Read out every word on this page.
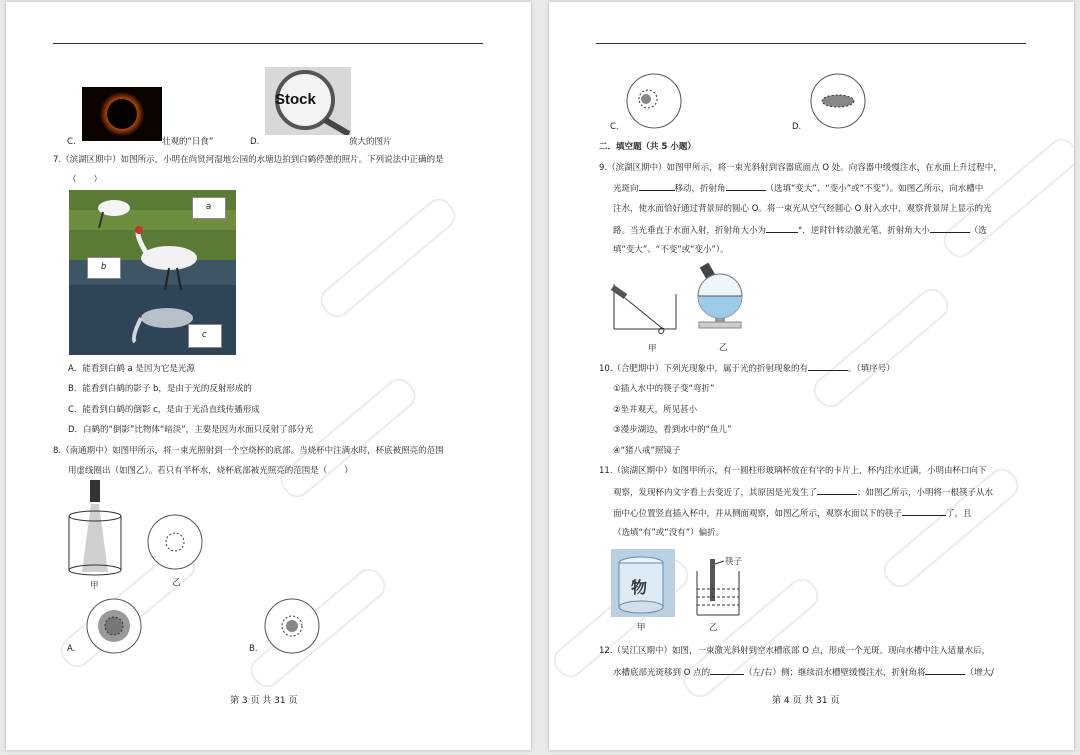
C.	壮观的“日食”
Stock
D.	放大的图片
7.（滨湖区期中）如图所示，小明在尚贤河湿地公园的水塘边拍到白鹤停憩的照片。下列说法中正确的是
（　　）
a
b
c
A．能看到白鹤 a 是因为它是光源
B．能看到白鹤的影子 b，是由于光的反射形成的
C．能看到白鹤的倒影 c，是由于光沿直线传播形成
D．白鹤的“倒影”比物体“暗淡”，主要是因为水面只反射了部分光
8.（南通期中）如图甲所示，将一束光照射到一个空烧杯的底部。当烧杯中注满水时，杯底被照亮的范围
用虚线圈出（如图乙）。若只有半杯水，烧杯底部被光照亮的范围是（　　）
甲	乙
A.	B.
第 3 页 共 31 页
C.	D.
二．填空题（共 5 小题）
9.（滨湖区期中）如图甲所示，将一束光斜射到容器底面点 O 处。向容器中缓慢注水，在水面上升过程中，
光斑向	移动，折射角	（选填“变大”、“变小”或“不变”）。如图乙所示，向水槽中
注水，使水面恰好通过背景屏的圆心 O。将一束光从空气经圆心 O 射入水中，观察背景屏上显示的光
路。当光垂直于水面入射，折射角大小为	°．逆时针转动激光笔，折射角大小	（选
填“变大”、“不变”或“变小”）。
O
甲	乙
10.（合肥期中）下列光现象中，属于光的折射现象的有	。（填序号）
①插入水中的筷子变“弯折”
②坐井观天，所见甚小
③漫步湖边，看到水中的“鱼儿”
④“猪八戒”照镜子
11.（滨湖区期中）如图甲所示，有一圆柱形玻璃杯放在有字的卡片上，杯内注水近满，小明由杯口向下
观察，发现杯内文字看上去变近了，其原因是光发生了	；如图乙所示，小明将一根筷子从水
面中心位置竖直插入杯中，并从侧面观察，如图乙所示，观察水面以下的筷子	了，且
（选填“有”或“没有”）偏折。
物
甲
筷子
乙
12.（吴江区期中）如图，一束激光斜射到空水槽底部 O 点，形成一个光斑。现向水槽中注入适量水后，
水槽底部光斑移到 O 点的	（左/右）侧；继续沿水槽壁缓慢注水，折射角将	（增大/
第 4 页 共 31 页
